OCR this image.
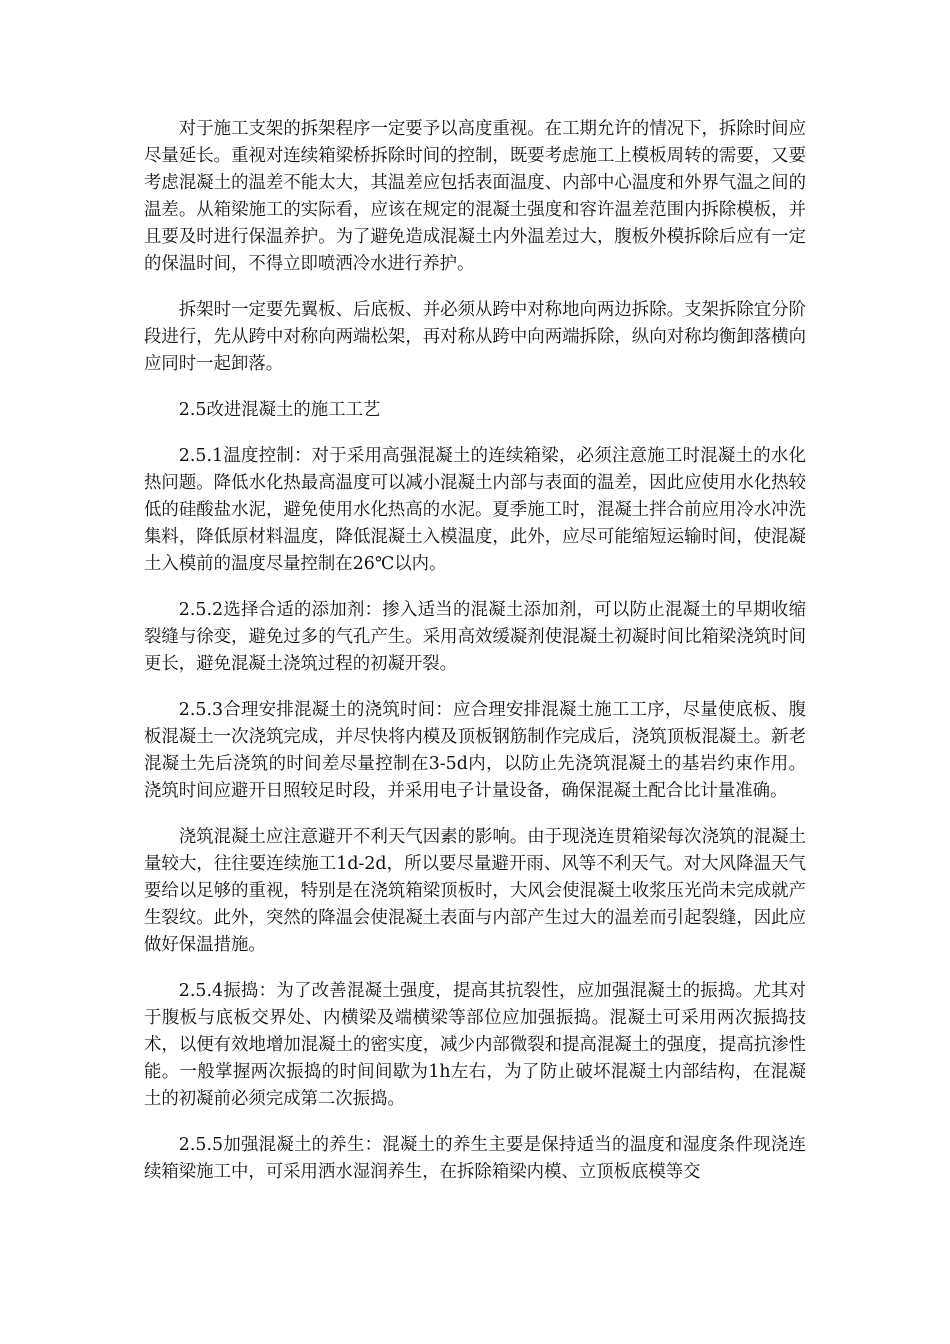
对于施工支架的拆架程序一定要予以高度重视。在工期允许的情况下，拆除时间应尽量延长。重视对连续箱梁桥拆除时间的控制，既要考虑施工上模板周转的需要，又要考虑混凝土的温差不能太大，其温差应包括表面温度、内部中心温度和外界气温之间的温差。从箱梁施工的实际看，应该在规定的混凝土强度和容许温差范围内拆除模板，并且要及时进行保温养护。为了避免造成混凝土内外温差过大，腹板外模拆除后应有一定的保温时间，不得立即喷洒冷水进行养护。

拆架时一定要先翼板、后底板、并必须从跨中对称地向两边拆除。支架拆除宜分阶段进行，先从跨中对称向两端松架，再对称从跨中向两端拆除，纵向对称均衡卸落横向应同时一起卸落。

2.5改进混凝土的施工工艺

2.5.1温度控制：对于采用高强混凝土的连续箱梁，必须注意施工时混凝土的水化热问题。降低水化热最高温度可以减小混凝土内部与表面的温差，因此应使用水化热较低的硅酸盐水泥，避免使用水化热高的水泥。夏季施工时，混凝土拌合前应用冷水冲洗集料，降低原材料温度，降低混凝土入模温度，此外，应尽可能缩短运输时间，使混凝土入模前的温度尽量控制在26℃以内。

2.5.2选择合适的添加剂：掺入适当的混凝土添加剂，可以防止混凝土的早期收缩裂缝与徐变，避免过多的气孔产生。采用高效缓凝剂使混凝土初凝时间比箱梁浇筑时间更长，避免混凝土浇筑过程的初凝开裂。

2.5.3合理安排混凝土的浇筑时间：应合理安排混凝土施工工序，尽量使底板、腹板混凝土一次浇筑完成，并尽快将内模及顶板钢筋制作完成后，浇筑顶板混凝土。新老混凝土先后浇筑的时间差尽量控制在3-5d内，以防止先浇筑混凝土的基岩约束作用。浇筑时间应避开日照较足时段，并采用电子计量设备，确保混凝土配合比计量准确。

浇筑混凝土应注意避开不利天气因素的影响。由于现浇连贯箱梁每次浇筑的混凝土量较大，往往要连续施工1d-2d，所以要尽量避开雨、风等不利天气。对大风降温天气要给以足够的重视，特别是在浇筑箱梁顶板时，大风会使混凝土收浆压光尚未完成就产生裂纹。此外，突然的降温会使混凝土表面与内部产生过大的温差而引起裂缝，因此应做好保温措施。

2.5.4振捣：为了改善混凝土强度，提高其抗裂性，应加强混凝土的振捣。尤其对于腹板与底板交界处、内横梁及端横梁等部位应加强振捣。混凝土可采用两次振捣技术，以便有效地增加混凝土的密实度，减少内部微裂和提高混凝土的强度，提高抗渗性能。一般掌握两次振捣的时间间歇为1h左右，为了防止破坏混凝土内部结构，在混凝土的初凝前必须完成第二次振捣。

2.5.5加强混凝土的养生：混凝土的养生主要是保持适当的温度和湿度条件现浇连续箱梁施工中，可采用洒水湿润养生，在拆除箱梁内模、立顶板底模等交
